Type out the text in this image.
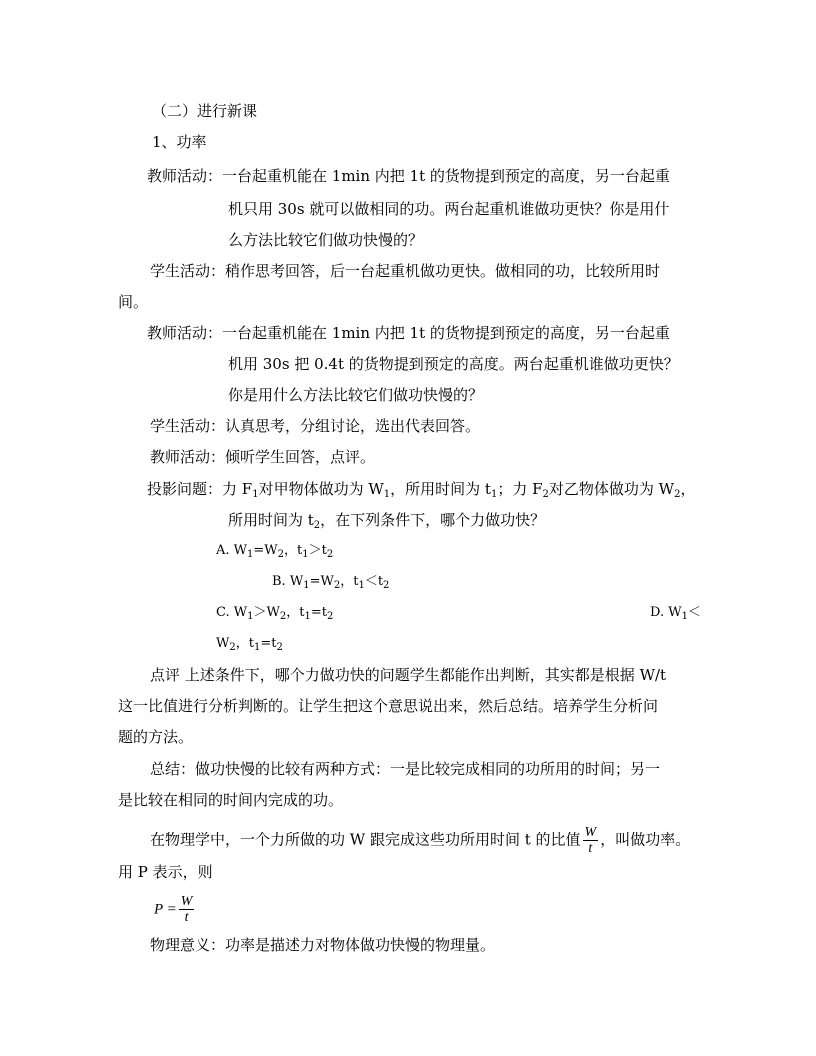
（二）进行新课
1、功率
教师活动：一台起重机能在 1min 内把 1t 的货物提到预定的高度，另一台起重
机只用 30s 就可以做相同的功。两台起重机谁做功更快？你是用什
么方法比较它们做功快慢的？
学生活动：稍作思考回答，后一台起重机做功更快。做相同的功，比较所用时
间。
教师活动：一台起重机能在 1min 内把 1t 的货物提到预定的高度，另一台起重
机用 30s 把 0.4t 的货物提到预定的高度。两台起重机谁做功更快？
你是用什么方法比较它们做功快慢的？
学生活动：认真思考，分组讨论，选出代表回答。
教师活动：倾听学生回答，点评。
投影问题：力 $F_1$对甲物体做功为 $W_1$，所用时间为 $t_1$；力 $F_2$对乙物体做功为 $W_2$，
所用时间为 $t_2$，在下列条件下，哪个力做功快？
A. $W_1=W_2$，$t_1>t_2$
B. $W_1=W_2$，$t_1<t_2$
C. $W_1>W_2$，$t_1=t_2$	D. $W_1<$
$W_2$，$t_1=t_2$
点评 上述条件下，哪个力做功快的问题学生都能作出判断，其实都是根据 W/t
这一比值进行分析判断的。让学生把这个意思说出来，然后总结。培养学生分析问
题的方法。
总结：做功快慢的比较有两种方式：一是比较完成相同的功所用的时间；另一
是比较在相同的时间内完成的功。
在物理学中，一个力所做的功 W 跟完成这些功所用时间 t 的比值 $\frac{W}{t}$ ，叫做功率。
用 P 表示，则
$P = \frac{W}{t}$
物理意义：功率是描述力对物体做功快慢的物理量。
